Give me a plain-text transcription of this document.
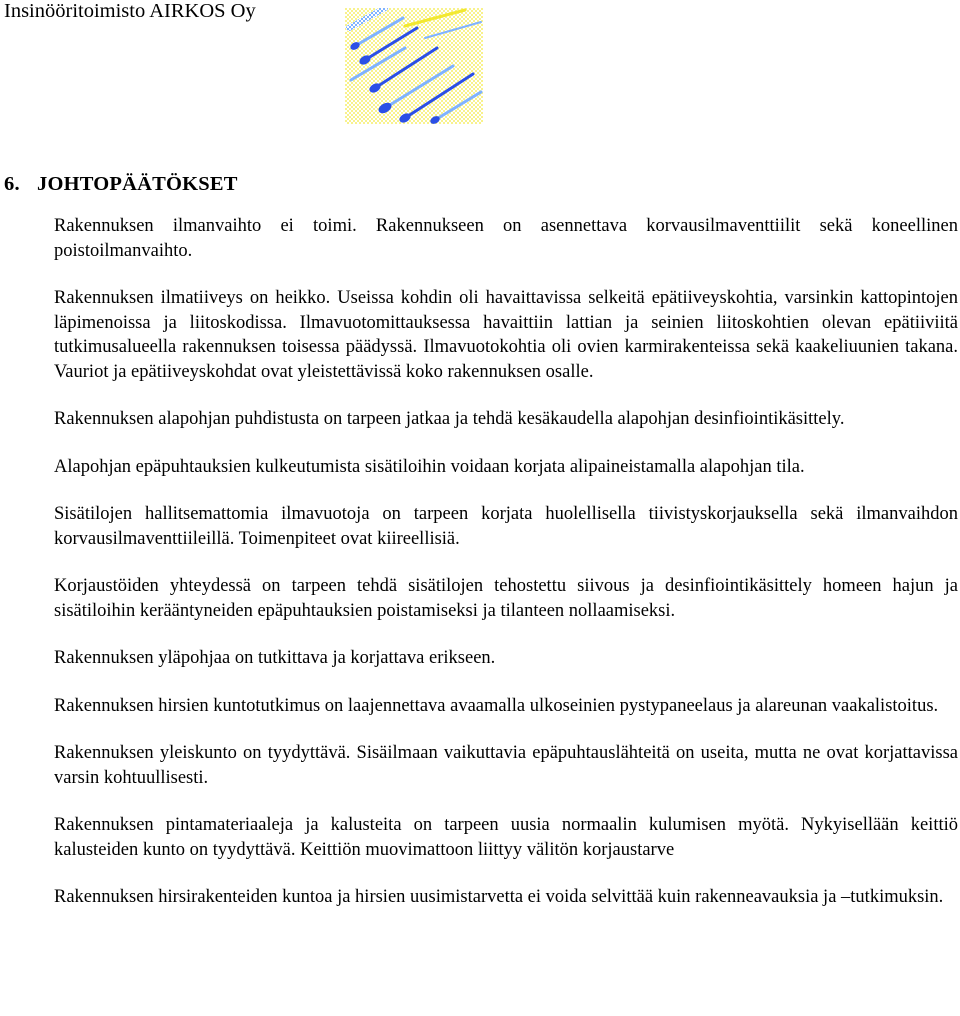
Insinööritoimisto AIRKOS Oy
6. JOHTOPÄÄTÖKSET

Rakennuksen ilmanvaihto ei toimi. Rakennukseen on asennettava korvausilmaventtiilit sekä koneellinen poistoilmanvaihto.

Rakennuksen ilmatiiveys on heikko. Useissa kohdin oli havaittavissa selkeitä epätiiveyskohtia, varsinkin kattopintojen läpimenoissa ja liitoskodissa. Ilmavuotomittauksessa havaittiin lattian ja seinien liitoskohtien olevan epätiiviitä tutkimusalueella rakennuksen toisessa päädyssä. Ilmavuotokohtia oli ovien karmirakenteissa sekä kaakeliuunien takana. Vauriot ja epätiiveyskohdat ovat yleistettävissä koko rakennuksen osalle.

Rakennuksen alapohjan puhdistusta on tarpeen jatkaa ja tehdä kesäkaudella alapohjan desinfiointikäsittely.

Alapohjan epäpuhtauksien kulkeutumista sisätiloihin voidaan korjata alipaineistamalla alapohjan tila.

Sisätilojen hallitsemattomia ilmavuotoja on tarpeen korjata huolellisella tiivistyskorjauksella sekä ilmanvaihdon korvausilmaventtiileillä. Toimenpiteet ovat kiireellisiä.

Korjaustöiden yhteydessä on tarpeen tehdä sisätilojen tehostettu siivous ja desinfiointikäsittely homeen hajun ja sisätiloihin kerääntyneiden epäpuhtauksien poistamiseksi ja tilanteen nollaamiseksi.

Rakennuksen yläpohjaa on tutkittava ja korjattava erikseen.

Rakennuksen hirsien kuntotutkimus on laajennettava avaamalla ulkoseinien pystypaneelaus ja alareunan vaakalistoitus.

Rakennuksen yleiskunto on tyydyttävä. Sisäilmaan vaikuttavia epäpuhtauslähteitä on useita, mutta ne ovat korjattavissa varsin kohtuullisesti.

Rakennuksen pintamateriaaleja ja kalusteita on tarpeen uusia normaalin kulumisen myötä. Nykyisellään keittiö kalusteiden kunto on tyydyttävä. Keittiön muovimattoon liittyy välitön korjaustarve

Rakennuksen hirsirakenteiden kuntoa ja hirsien uusimistarvetta ei voida selvittää kuin rakenneavauksia ja –tutkimuksin.
